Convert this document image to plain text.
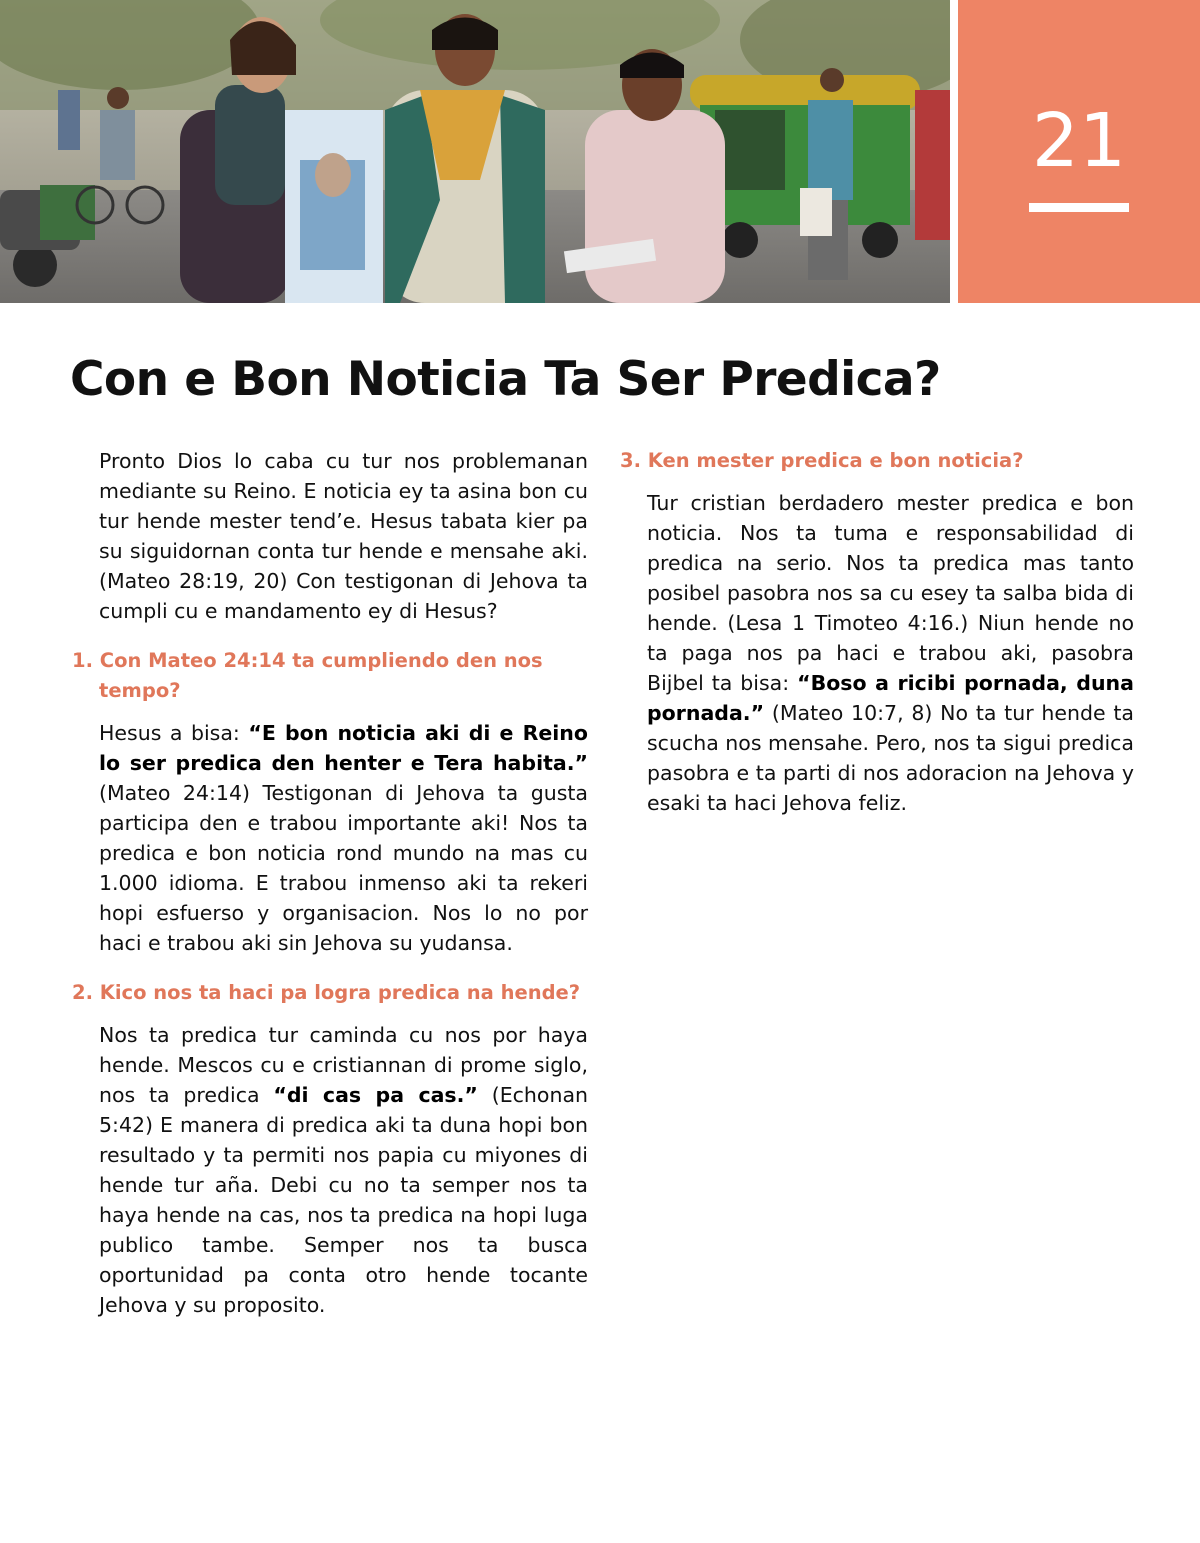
21
Con e Bon Noticia Ta Ser Predica?

Pronto Dios lo caba cu tur nos problemanan mediante su Reino. E noticia ey ta asina bon cu tur hende mester tend’e. Hesus tabata kier pa su siguidornan conta tur hende e mensahe aki. (Mateo 28:19, 20) Con testigonan di Jehova ta cumpli cu e mandamento ey di Hesus?

1. Con Mateo 24:14 ta cumpliendo den nos tempo?

Hesus a bisa: “E bon noticia aki di e Reino lo ser predica den henter e Tera habita.” (Mateo 24:14) Testigonan di Jehova ta gusta participa den e trabou importante aki! Nos ta predica e bon noticia rond mundo na mas cu 1.000 idioma. E trabou inmenso aki ta rekeri hopi esfuerso y organisacion. Nos lo no por haci e trabou aki sin Jehova su yudansa.

2. Kico nos ta haci pa logra predica na hende?

Nos ta predica tur caminda cu nos por haya hende. Mescos cu e cristiannan di prome siglo, nos ta predica “di cas pa cas.” (Echonan 5:42) E manera di predica aki ta duna hopi bon resultado y ta permiti nos papia cu miyones di hende tur aña. Debi cu no ta semper nos ta haya hende na cas, nos ta predica na hopi luga publico tambe. Semper nos ta busca oportunidad pa conta otro hende tocante Jehova y su proposito.

3. Ken mester predica e bon noticia?

Tur cristian berdadero mester predica e bon noticia. Nos ta tuma e responsabilidad di predica na serio. Nos ta predica mas tanto posibel pasobra nos sa cu esey ta salba bida di hende. (Lesa 1 Timoteo 4:16.) Niun hende no ta paga nos pa haci e trabou aki, pasobra Bijbel ta bisa: “Boso a ricibi pornada, duna pornada.” (Mateo 10:7, 8) No ta tur hende ta scucha nos mensahe. Pero, nos ta sigui predica pasobra e ta parti di nos adoracion na Jehova y esaki ta haci Jehova feliz.
